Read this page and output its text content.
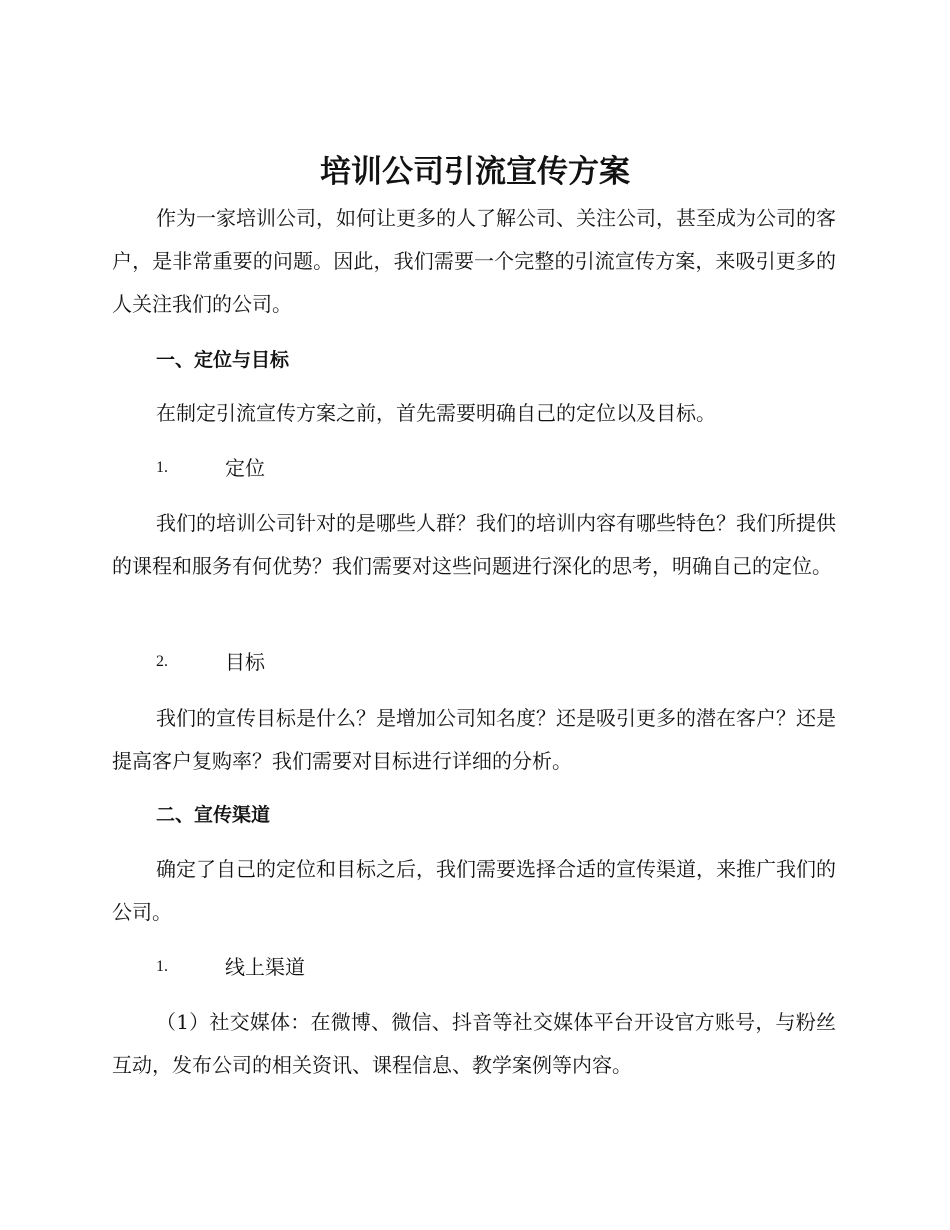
培训公司引流宣传方案

作为一家培训公司，如何让更多的人了解公司、关注公司，甚至成为公司的客户，是非常重要的问题。因此，我们需要一个完整的引流宣传方案，来吸引更多的人关注我们的公司。

一、定位与目标

在制定引流宣传方案之前，首先需要明确自己的定位以及目标。

1.	定位

我们的培训公司针对的是哪些人群？我们的培训内容有哪些特色？我们所提供的课程和服务有何优势？我们需要对这些问题进行深化的思考，明确自己的定位。

2.	目标

我们的宣传目标是什么？是增加公司知名度？还是吸引更多的潜在客户？还是提高客户复购率？我们需要对目标进行详细的分析。

二、宣传渠道

确定了自己的定位和目标之后，我们需要选择合适的宣传渠道，来推广我们的公司。

1.	线上渠道

（1）社交媒体：在微博、微信、抖音等社交媒体平台开设官方账号，与粉丝互动，发布公司的相关资讯、课程信息、教学案例等内容。
